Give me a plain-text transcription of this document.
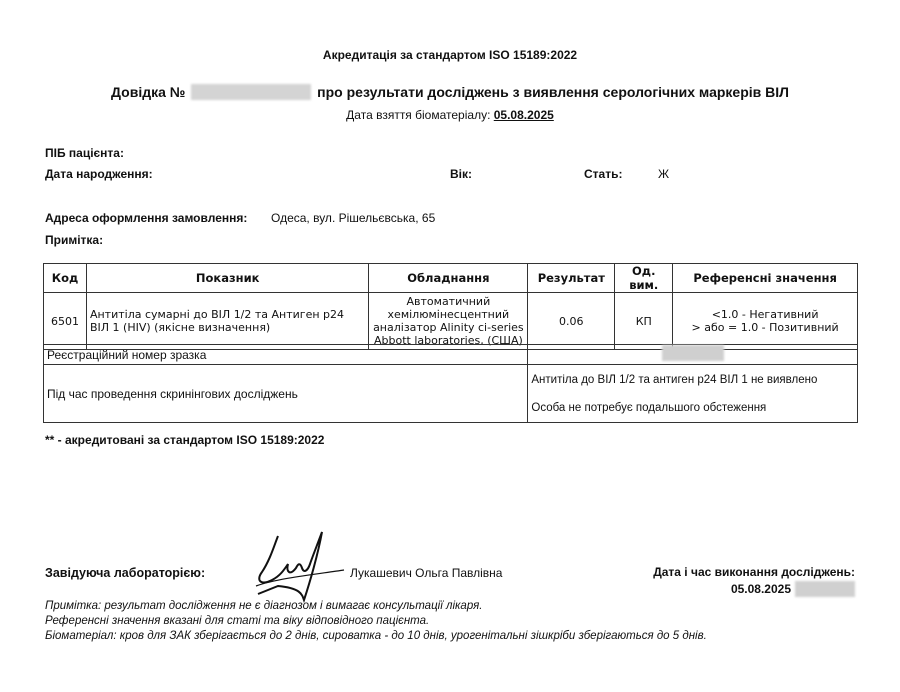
Акредитація за стандартом ISO 15189:2022
Довідка №	про результати досліджень з виявлення серологічних маркерів ВІЛ
Дата взяття біоматеріалу: 05.08.2025
ПІБ пацієнта:
Дата народження:	Вік:	Стать:	Ж
Адреса оформлення замовлення: Одеса, вул. Рішельєвська, 65
Примітка:
Код	Показник	Обладнання	Результат	Од. вим.	Референсні значення
6501	Антитіла сумарні до ВІЛ 1/2 та Антиген p24 ВІЛ 1 (HIV) (якісне визначення)	Автоматичний хемілюмінесцентний аналізатор Alinity ci-series Abbott laboratories, (США)	0.06	КП	<1.0 - Негативний
> або = 1.0 - Позитивний
Реєстраційний номер зразка	
Під час проведення скринінгових досліджень	Антитіла до ВІЛ 1/2 та антиген p24 ВІЛ 1 не виявлено
Особа не потребує подальшого обстеження
** - акредитовані за стандартом ISO 15189:2022
Завідуюча лабораторією:	Лукашевич Ольга Павлівна	Дата і час виконання досліджень:
05.08.2025
Примітка: результат дослідження не є діагнозом і вимагає консультації лікаря.
Референсні значення вказані для статі та віку відповідного пацієнта.
Біоматеріал: кров для ЗАК зберігається до 2 днів, сироватка - до 10 днів, урогенітальні зішкріби зберігаються до 5 днів.
